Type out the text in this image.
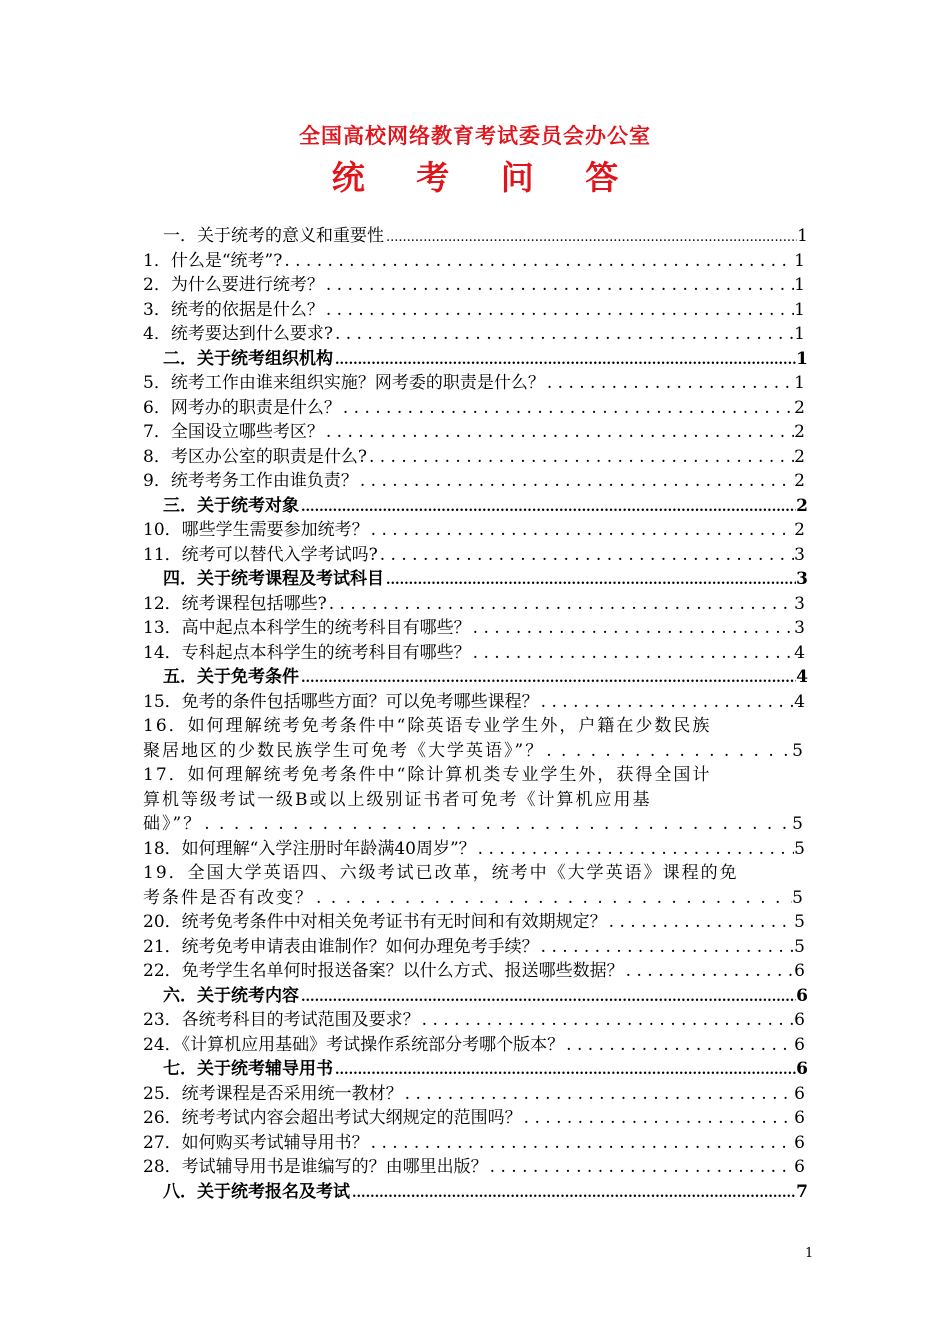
全国高校网络教育考试委员会办公室
统 考 问 答
一．关于统考的意义和重要性 .....	1
1．什么是“统考”? . . .	1
2．为什么要进行统考？ . . .	1
3．统考的依据是什么？ . . .	1
4．统考要达到什么要求? . . .	1
二．关于统考组织机构 .....	1
5．统考工作由谁来组织实施？网考委的职责是什么？ . . .	1
6．网考办的职责是什么？ . . .	2
7．全国设立哪些考区？ . . .	2
8．考区办公室的职责是什么? . . .	2
9．统考考务工作由谁负责？ . . .	2
三．关于统考对象 .....	2
10．哪些学生需要参加统考？ . . .	2
11．统考可以替代入学考试吗? . . .	3
四．关于统考课程及考试科目 .....	3
12．统考课程包括哪些? . . .	3
13．高中起点本科学生的统考科目有哪些？ . . .	3
14．专科起点本科学生的统考科目有哪些？ . . .	4
五．关于免考条件 .....	4
15．免考的条件包括哪些方面？可以免考哪些课程？ . . .	4
16．如何理解统考免考条件中“除英语专业学生外，户籍在少数民族
聚居地区的少数民族学生可免考《大学英语》”？ . . .	5
17．如何理解统考免考条件中“除计算机类专业学生外，获得全国计
算机等级考试一级B或以上级别证书者可免考《计算机应用基
础》”？ . . .	5
18．如何理解“入学注册时年龄满40周岁”？ . . .	5
19．全国大学英语四、六级考试已改革，统考中《大学英语》课程的免
考条件是否有改变？ . . .	5
20．统考免考条件中对相关免考证书有无时间和有效期规定？ . . .	5
21．统考免考申请表由谁制作？如何办理免考手续？ . . .	5
22．免考学生名单何时报送备案？以什么方式、报送哪些数据？ . . .	6
六．关于统考内容 .....	6
23．各统考科目的考试范围及要求？ . . .	6
24．《计算机应用基础》考试操作系统部分考哪个版本？ . . .	6
七．关于统考辅导用书 .....	6
25．统考课程是否采用统一教材？ . . .	6
26．统考考试内容会超出考试大纲规定的范围吗？ . . .	6
27．如何购买考试辅导用书？ . . .	6
28．考试辅导用书是谁编写的？由哪里出版？ . . .	6
八．关于统考报名及考试 .....	7
1
